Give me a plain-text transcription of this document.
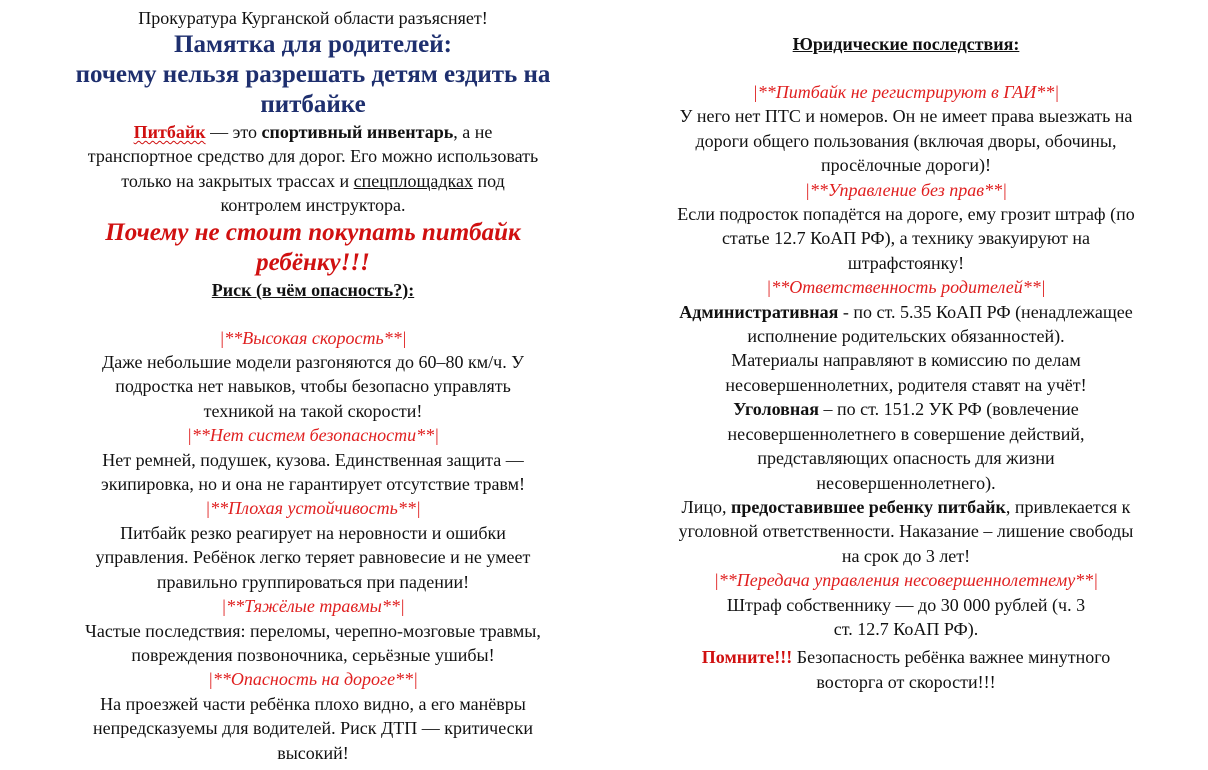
Прокуратура Курганской области разъясняет!
Памятка для родителей:
почему нельзя разрешать детям ездить на
питбайке
Питбайк — это спортивный инвентарь, а не
транспортное средство для дорог. Его можно использовать
только на закрытых трассах и спецплощадках под
контролем инструктора.
Почему не стоит покупать питбайк
ребёнку!!!
Риск (в чём опасность?):
|**Высокая скорость**|
Даже небольшие модели разгоняются до 60–80 км/ч. У
подростка нет навыков, чтобы безопасно управлять
техникой на такой скорости!
|**Нет систем безопасности**|
Нет ремней, подушек, кузова. Единственная защита —
экипировка, но и она не гарантирует отсутствие травм!
|**Плохая устойчивость**|
Питбайк резко реагирует на неровности и ошибки
управления. Ребёнок легко теряет равновесие и не умеет
правильно группироваться при падении!
|**Тяжёлые травмы**|
Частые последствия: переломы, черепно-мозговые травмы,
повреждения позвоночника, серьёзные ушибы!
|**Опасность на дороге**|
На проезжей части ребёнка плохо видно, а его манёвры
непредсказуемы для водителей. Риск ДТП — критически
высокий!
Юридические последствия:
|**Питбайк не регистрируют в ГАИ**|
У него нет ПТС и номеров. Он не имеет права выезжать на
дороги общего пользования (включая дворы, обочины,
просёлочные дороги)!
|**Управление без прав**|
Если подросток попадётся на дороге, ему грозит штраф (по
статье 12.7 КоАП РФ), а технику эвакуируют на
штрафстоянку!
|**Ответственность родителей**|
Административная - по ст. 5.35 КоАП РФ (ненадлежащее
исполнение родительских обязанностей).
Материалы направляют в комиссию по делам
несовершеннолетних, родителя ставят на учёт!
Уголовная – по ст. 151.2 УК РФ (вовлечение
несовершеннолетнего в совершение действий,
представляющих опасность для жизни
несовершеннолетнего).
Лицо, предоставившее ребенку питбайк, привлекается к
уголовной ответственности. Наказание – лишение свободы
на срок до 3 лет!
|**Передача управления несовершеннолетнему**|
Штраф собственнику — до 30 000 рублей (ч. 3
ст. 12.7 КоАП РФ).
Помните!!! Безопасность ребёнка важнее минутного
восторга от скорости!!!
